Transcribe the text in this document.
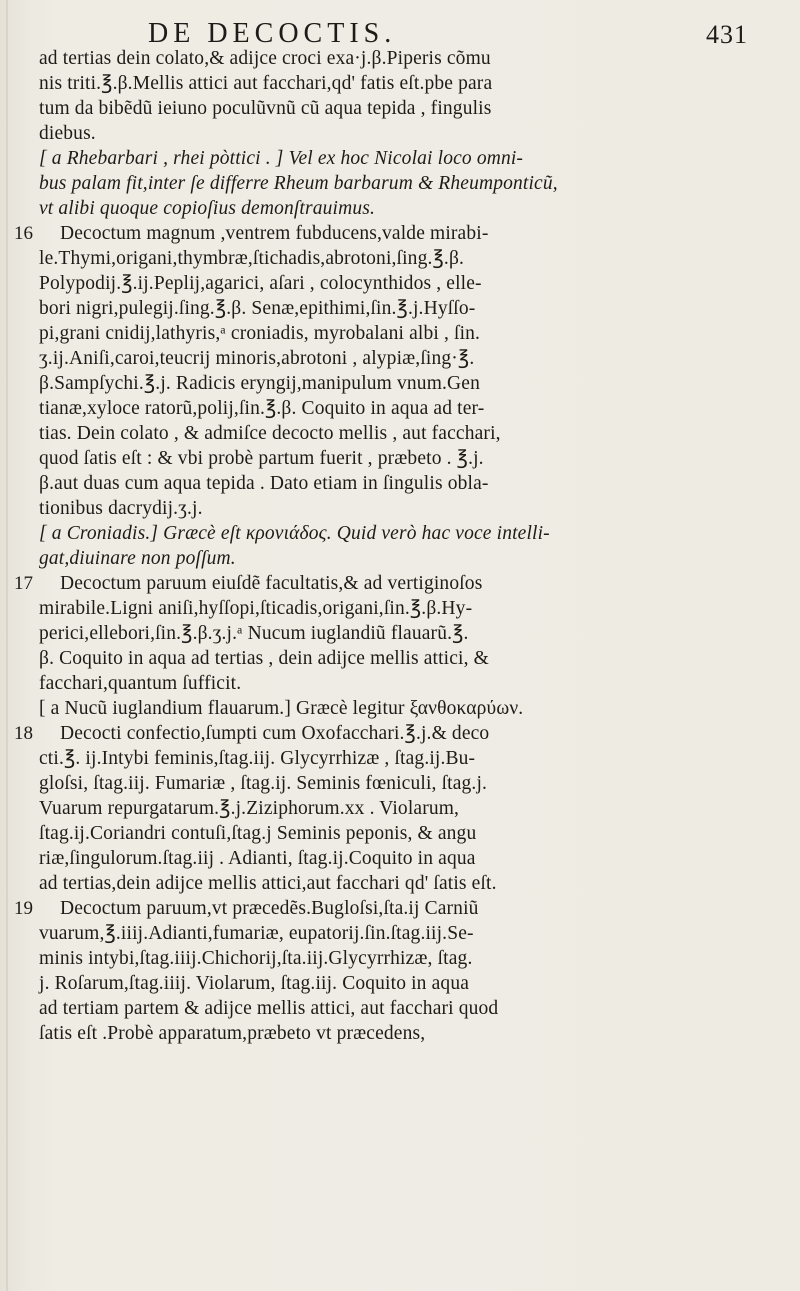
DE DECOCTIS.	431
16
17
18
19
ad tertias dein colato,& adijce croci exa·j.β.Piperis cõmu
nis triti.℥.β.Mellis attici aut facchari,qd' fatis eſt.pbe para
tum da bibẽdũ ieiuno poculũvnũ cũ aqua tepida , fingulis
diebus.
[ a Rhebarbari , rhei pòttici . ] Vel ex hoc Nicolai loco omni-
bus palam fit,inter ſe differre Rheum barbarum & Rheumponticũ,
vt alibi quoque copioſius demonſtrauimus.
Decoctum magnum ,ventrem fubducens,valde mirabi-
le.Thymi,origani,thymbræ,ſtichadis,abrotoni,ſing.℥.β.
Polypodij.℥.ij.Peplij,agarici, aſari , colocynthidos , elle-
bori nigri,pulegij.ſing.℥.β. Senæ,epithimi,ſin.℥.j.Hyſſo-
pi,grani cnidij,lathyris,ᵃ croniadis, myrobalani albi , ſin.
ʒ.ij.Aniſi,caroi,teucrij minoris,abrotoni , alypiæ,ſing·℥.
β.Sampſychi.℥.j. Radicis eryngij,manipulum vnum.Gen
tianæ,xyloce ratorũ,polij,ſin.℥.β. Coquito in aqua ad ter-
tias. Dein colato , & admiſce decocto mellis , aut facchari,
quod ſatis eſt : & vbi probè partum fuerit , præbeto . ℥.j.
β.aut duas cum aqua tepida . Dato etiam in ſingulis obla-
tionibus dacrydij.ʒ.j.
[ a Croniadis.] Græcè eſt κρονιάδος. Quid verò hac voce intelli-
gat,diuinare non poſſum.
Decoctum paruum eiuſdẽ facultatis,& ad vertiginoſos
mirabile.Ligni aniſi,hyſſopi,ſticadis,origani,ſin.℥.β.Hy-
perici,ellebori,ſin.℥.β.ʒ.j.ᵃ Nucum iuglandiũ flauarũ.℥.
β. Coquito in aqua ad tertias , dein adijce mellis attici, &
facchari,quantum ſufficit.
[ a Nucũ iuglandium flauarum.] Græcè legitur ξανθοκαρύων.
Decocti confectio,ſumpti cum Oxofacchari.℥.j.& deco
cti.℥. ij.Intybi feminis,ſtag.iij. Glycyrrhizæ , ſtag.ij.Bu-
gloſsi, ſtag.iij. Fumariæ , ſtag.ij. Seminis fœniculi, ſtag.j.
Vuarum repurgatarum.℥.j.Ziziphorum.xx . Violarum,
ſtag.ij.Coriandri contuſi,ſtag.j Seminis peponis, & angu
riæ,ſingulorum.ſtag.iij . Adianti, ſtag.ij.Coquito in aqua
ad tertias,dein adijce mellis attici,aut facchari qd' ſatis eſt.
Decoctum paruum,vt præcedẽs.Bugloſsi,ſta.ij Carniũ
vuarum,℥.iiij.Adianti,fumariæ, eupatorij.ſin.ſtag.iij.Se-
minis intybi,ſtag.iiij.Chichorij,ſta.iij.Glycyrrhizæ, ſtag.
j. Roſarum,ſtag.iiij. Violarum, ſtag.iij. Coquito in aqua
ad tertiam partem & adijce mellis attici, aut facchari quod
ſatis eſt .Probè apparatum,præbeto vt præcedens,
